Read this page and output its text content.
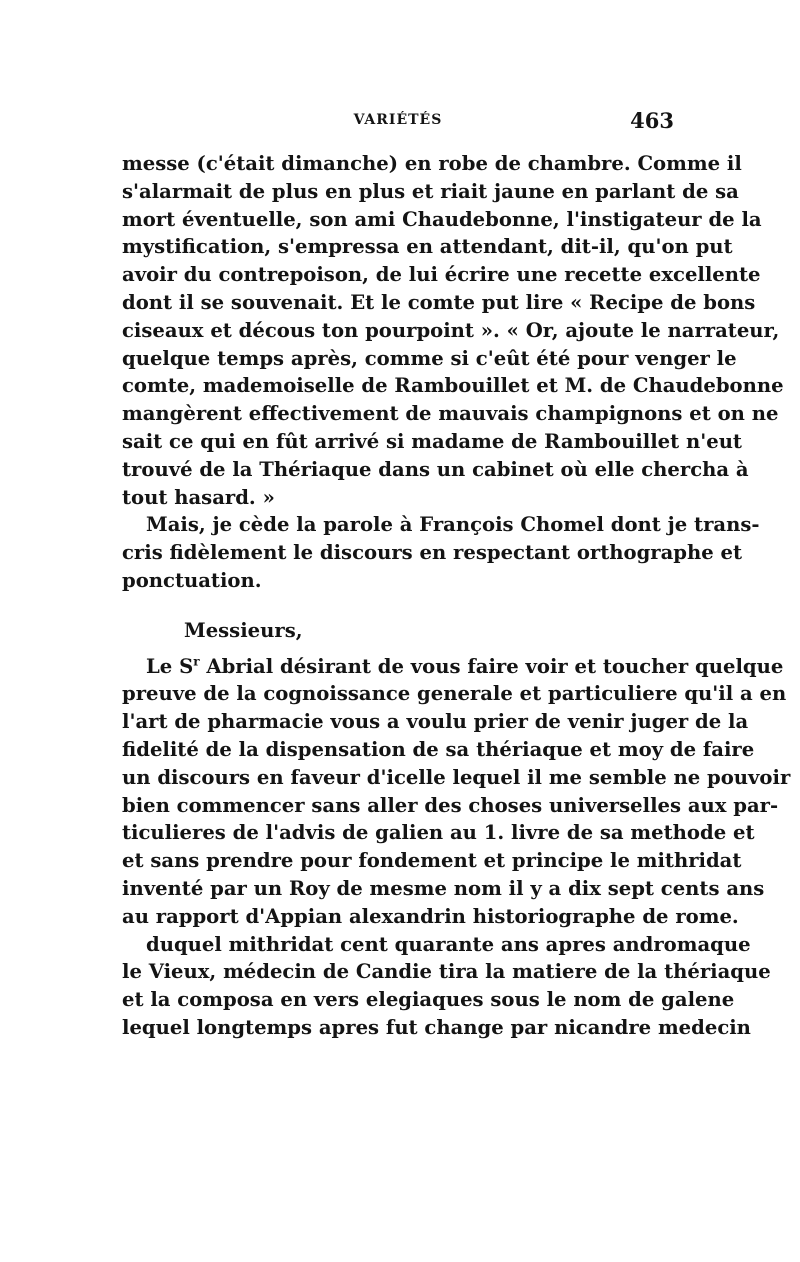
VARIÉTÉS	463
messe (c'était dimanche) en robe de chambre. Comme il
s'alarmait de plus en plus et riait jaune en parlant de sa
mort éventuelle, son ami Chaudebonne, l'instigateur de la
mystification, s'empressa en attendant, dit-il, qu'on put
avoir du contrepoison, de lui écrire une recette excellente
dont il se souvenait. Et le comte put lire « Recipe de bons
ciseaux et décous ton pourpoint ». « Or, ajoute le narrateur,
quelque temps après, comme si c'eût été pour venger le
comte, mademoiselle de Rambouillet et M. de Chaudebonne
mangèrent effectivement de mauvais champignons et on ne
sait ce qui en fût arrivé si madame de Rambouillet n'eut
trouvé de la Thériaque dans un cabinet où elle chercha à
tout hasard. »
Mais, je cède la parole à François Chomel dont je trans-
cris fidèlement le discours en respectant orthographe et
ponctuation.
Messieurs,
Le $S^r$ Abrial désirant de vous faire voir et toucher quelque
preuve de la cognoissance generale et particuliere qu'il a en
l'art de pharmacie vous a voulu prier de venir juger de la
fidelité de la dispensation de sa thériaque et moy de faire
un discours en faveur d'icelle lequel il me semble ne pouvoir
bien commencer sans aller des choses universelles aux par-
ticulieres de l'advis de galien au 1. livre de sa methode et
et sans prendre pour fondement et principe le mithridat
inventé par un Roy de mesme nom il y a dix sept cents ans
au rapport d'Appian alexandrin historiographe de rome.
duquel mithridat cent quarante ans apres andromaque
le Vieux, médecin de Candie tira la matiere de la thériaque
et la composa en vers elegiaques sous le nom de galene
lequel longtemps apres fut change par nicandre medecin
